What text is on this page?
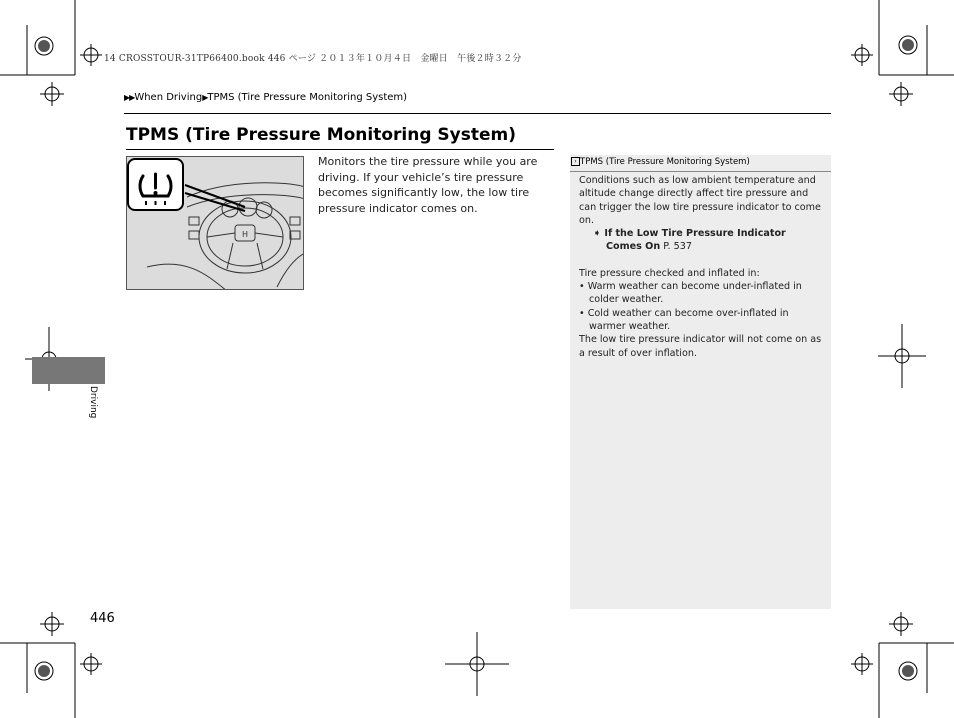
14 CROSSTOUR-31TP66400.book 446 ページ ２０１３年１０月４日　金曜日　午後２時３２分
▶▶When Driving▶TPMS (Tire Pressure Monitoring System)
TPMS (Tire Pressure Monitoring System)
H
Monitors the tire pressure while you are driving. If your vehicle’s tire pressure becomes significantly low, the low tire pressure indicator comes on.
› TPMS (Tire Pressure Monitoring System)

Conditions such as low ambient temperature and altitude change directly affect tire pressure and can trigger the low tire pressure indicator to come on.

➧ If the Low Tire Pressure Indicator Comes On P. 537

Tire pressure checked and inflated in:

• Warm weather can become under-inflated in colder weather.

• Cold weather can become over-inflated in warmer weather.

The low tire pressure indicator will not come on as a result of over inflation.

Driving
446
